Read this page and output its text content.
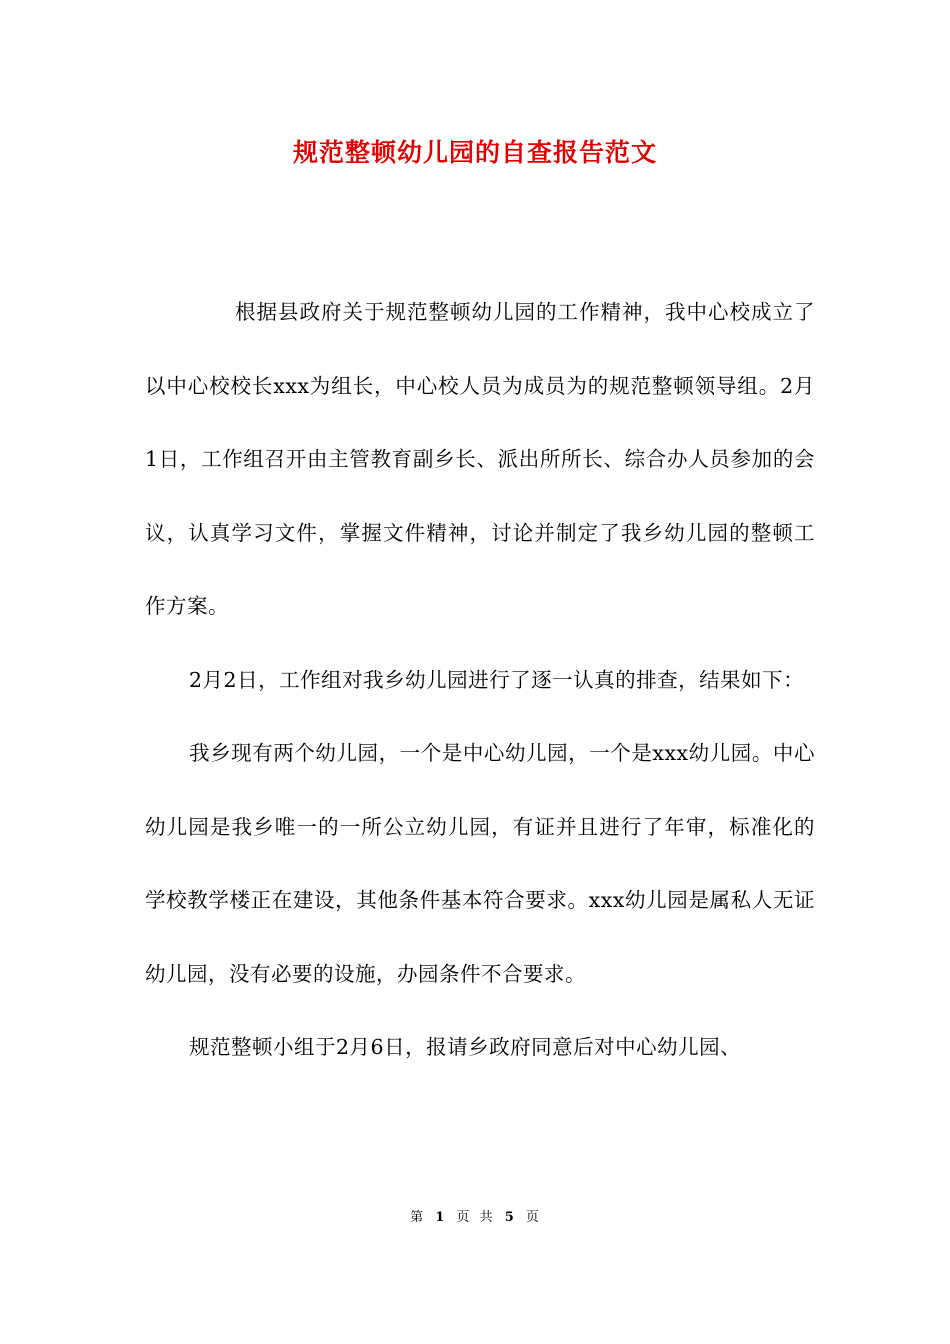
规范整顿幼儿园的自查报告范文

根据县政府关于规范整顿幼儿园的工作精神，我中心校成立了以中心校校长xxx为组长，中心校人员为成员为的规范整顿领导组。2月1日，工作组召开由主管教育副乡长、派出所所长、综合办人员参加的会议，认真学习文件，掌握文件精神，讨论并制定了我乡幼儿园的整顿工作方案。

2月2日，工作组对我乡幼儿园进行了逐一认真的排查，结果如下：

我乡现有两个幼儿园，一个是中心幼儿园，一个是xxx幼儿园。中心幼儿园是我乡唯一的一所公立幼儿园，有证并且进行了年审，标准化的学校教学楼正在建设，其他条件基本符合要求。xxx幼儿园是属私人无证幼儿园，没有必要的设施，办园条件不合要求。

规范整顿小组于2月6日，报请乡政府同意后对中心幼儿园、

第 1 页 共 5 页
